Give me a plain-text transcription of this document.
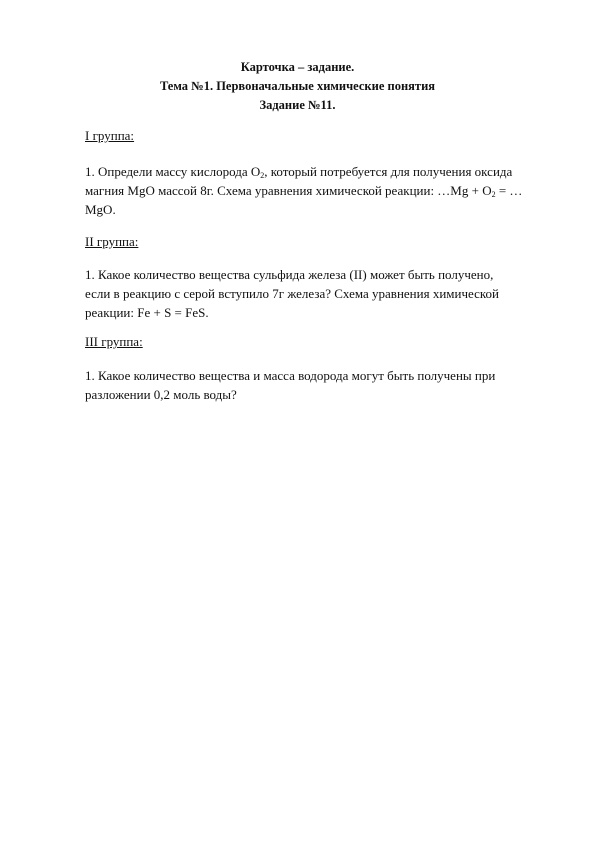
Карточка – задание.
Тема №1. Первоначальные химические понятия
Задание №11.
I группа:
1. Определи массу кислорода $O_2$, который потребуется для получения оксида
магния MgO массой 8г. Схема уравнения химической реакции: …Mg + $O_2$ = …
MgO.
II группа:
1. Какое количество вещества сульфида железа (II) может быть получено,
если в реакцию с серой вступило 7г железа? Схема уравнения химической
реакции: Fe + S = FeS.
III группа:
1. Какое количество вещества и масса водорода могут быть получены при
разложении 0,2 моль воды?
